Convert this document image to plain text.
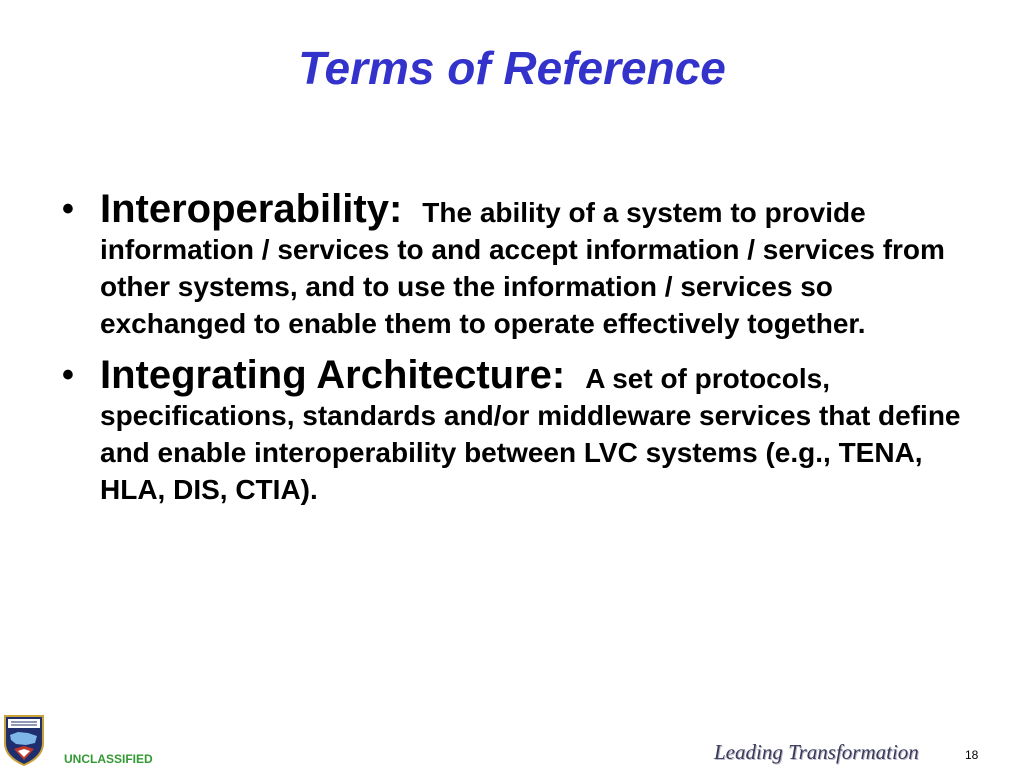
Terms of Reference
• Interoperability: The ability of a system to provide information / services to and accept information / services from other systems, and to use the information / services so exchanged to enable them to operate effectively together.
• Integrating Architecture: A set of protocols, specifications, standards and/or middleware services that define and enable interoperability between LVC systems (e.g., TENA, HLA, DIS, CTIA).
UNCLASSIFIED	Leading Transformation	18
